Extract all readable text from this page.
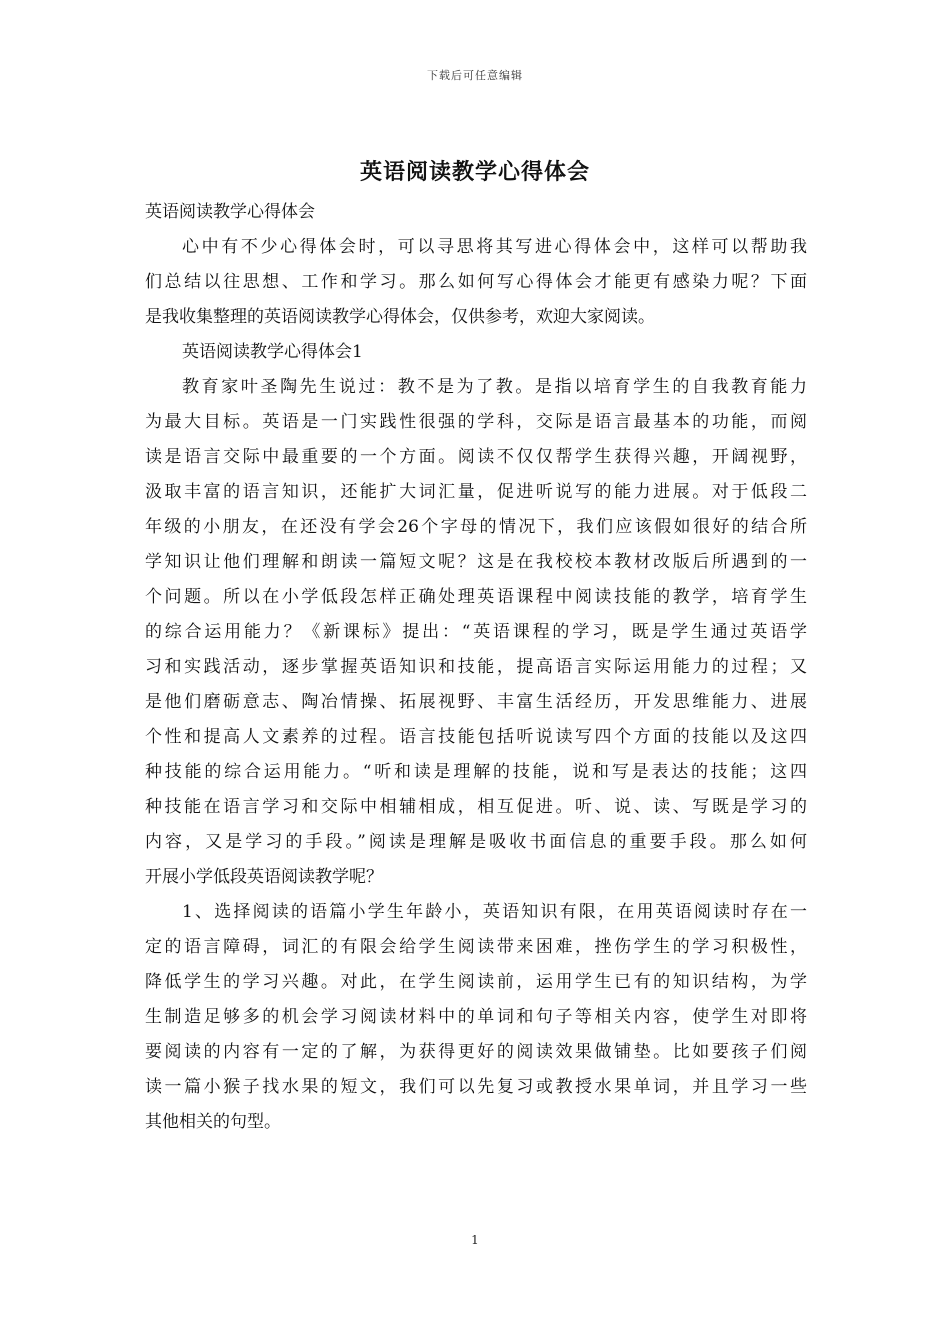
下载后可任意编辑
英语阅读教学心得体会
英语阅读教学心得体会
心中有不少心得体会时，可以寻思将其写进心得体会中，这样可以帮助我
们总结以往思想、工作和学习。那么如何写心得体会才能更有感染力呢？下面
是我收集整理的英语阅读教学心得体会，仅供参考，欢迎大家阅读。
英语阅读教学心得体会1
教育家叶圣陶先生说过：教不是为了教。是指以培育学生的自我教育能力
为最大目标。英语是一门实践性很强的学科，交际是语言最基本的功能，而阅
读是语言交际中最重要的一个方面。阅读不仅仅帮学生获得兴趣，开阔视野，
汲取丰富的语言知识，还能扩大词汇量，促进听说写的能力进展。对于低段二
年级的小朋友，在还没有学会26个字母的情况下，我们应该假如很好的结合所
学知识让他们理解和朗读一篇短文呢？这是在我校校本教材改版后所遇到的一
个问题。所以在小学低段怎样正确处理英语课程中阅读技能的教学，培育学生
的综合运用能力？《新课标》提出：“英语课程的学习，既是学生通过英语学
习和实践活动，逐步掌握英语知识和技能，提高语言实际运用能力的过程；又
是他们磨砺意志、陶冶情操、拓展视野、丰富生活经历，开发思维能力、进展
个性和提高人文素养的过程。语言技能包括听说读写四个方面的技能以及这四
种技能的综合运用能力。“听和读是理解的技能，说和写是表达的技能；这四
种技能在语言学习和交际中相辅相成，相互促进。听、说、读、写既是学习的
内容，又是学习的手段。”阅读是理解是吸收书面信息的重要手段。那么如何
开展小学低段英语阅读教学呢？
1、选择阅读的语篇小学生年龄小，英语知识有限，在用英语阅读时存在一
定的语言障碍，词汇的有限会给学生阅读带来困难，挫伤学生的学习积极性，
降低学生的学习兴趣。对此，在学生阅读前，运用学生已有的知识结构，为学
生制造足够多的机会学习阅读材料中的单词和句子等相关内容，使学生对即将
要阅读的内容有一定的了解，为获得更好的阅读效果做铺垫。比如要孩子们阅
读一篇小猴子找水果的短文，我们可以先复习或教授水果单词，并且学习一些
其他相关的句型。
1
